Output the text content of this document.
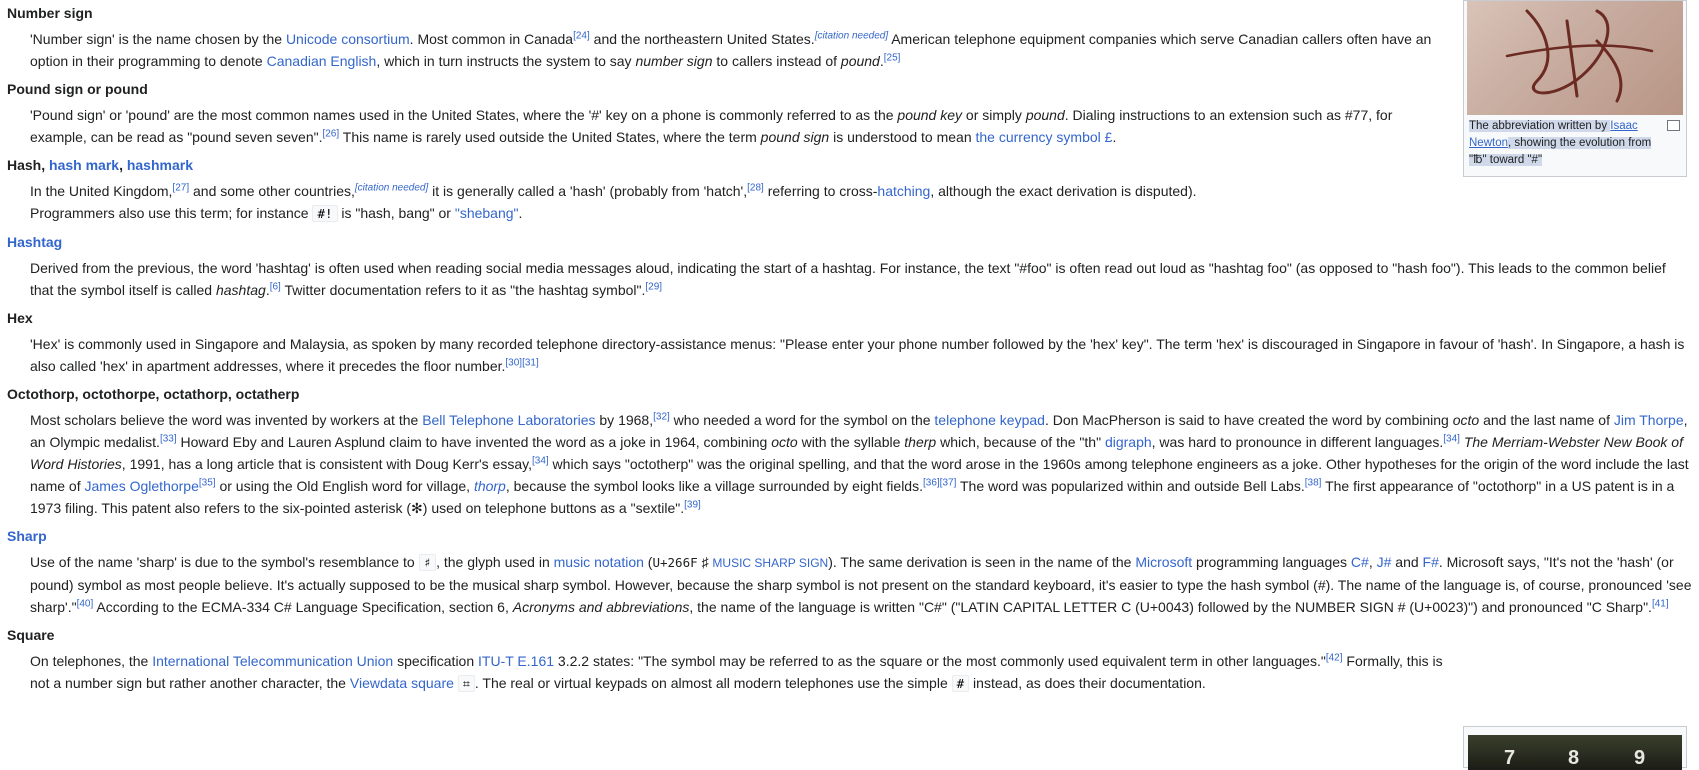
Number sign
'Number sign' is the name chosen by the Unicode consortium. Most common in Canada[24] and the northeastern United States.[citation needed] American telephone equipment companies which serve Canadian callers often have an option in their programming to denote Canadian English, which in turn instructs the system to say number sign to callers instead of pound.[25]
Pound sign or pound
'Pound sign' or 'pound' are the most common names used in the United States, where the '#' key on a phone is commonly referred to as the pound key or simply pound. Dialing instructions to an extension such as #77, for example, can be read as "pound seven seven".[26] This name is rarely used outside the United States, where the term pound sign is understood to mean the currency symbol £.
Hash, hash mark, hashmark
In the United Kingdom,[27] and some other countries,[citation needed] it is generally called a 'hash' (probably from 'hatch',[28] referring to cross-hatching, although the exact derivation is disputed).
Programmers also use this term; for instance #! is "hash, bang" or "shebang".
Hashtag
Derived from the previous, the word 'hashtag' is often used when reading social media messages aloud, indicating the start of a hashtag. For instance, the text "#foo" is often read out loud as "hashtag foo" (as opposed to "hash foo"). This leads to the common belief that the symbol itself is called hashtag.[6] Twitter documentation refers to it as "the hashtag symbol".[29]
Hex
'Hex' is commonly used in Singapore and Malaysia, as spoken by many recorded telephone directory-assistance menus: "Please enter your phone number followed by the 'hex' key". The term 'hex' is discouraged in Singapore in favour of 'hash'. In Singapore, a hash is also called 'hex' in apartment addresses, where it precedes the floor number.[30][31]
Octothorp, octothorpe, octathorp, octatherp
Most scholars believe the word was invented by workers at the Bell Telephone Laboratories by 1968,[32] who needed a word for the symbol on the telephone keypad. Don MacPherson is said to have created the word by combining octo and the last name of Jim Thorpe, an Olympic medalist.[33] Howard Eby and Lauren Asplund claim to have invented the word as a joke in 1964, combining octo with the syllable therp which, because of the "th" digraph, was hard to pronounce in different languages.[34] The Merriam-Webster New Book of Word Histories, 1991, has a long article that is consistent with Doug Kerr's essay,[34] which says "octotherp" was the original spelling, and that the word arose in the 1960s among telephone engineers as a joke. Other hypotheses for the origin of the word include the last name of James Oglethorpe[35] or using the Old English word for village, thorp, because the symbol looks like a village surrounded by eight fields.[36][37] The word was popularized within and outside Bell Labs.[38] The first appearance of "octothorp" in a US patent is in a 1973 filing. This patent also refers to the six-pointed asterisk (✻) used on telephone buttons as a "sextile".[39]
Sharp
Use of the name 'sharp' is due to the symbol's resemblance to ♯ , the glyph used in music notation (U+266F ♯ MUSIC SHARP SIGN). The same derivation is seen in the name of the Microsoft programming languages C#, J# and F#. Microsoft says, "It's not the 'hash' (or pound) symbol as most people believe. It's actually supposed to be the musical sharp symbol. However, because the sharp symbol is not present on the standard keyboard, it's easier to type the hash symbol (#). The name of the language is, of course, pronounced 'see sharp'."[40] According to the ECMA-334 C# Language Specification, section 6, Acronyms and abbreviations, the name of the language is written "C#" ("LATIN CAPITAL LETTER C (U+0043) followed by the NUMBER SIGN # (U+0023)") and pronounced "C Sharp".[41]
Square
On telephones, the International Telecommunication Union specification ITU-T E.161 3.2.2 states: "The symbol may be referred to as the square or the most commonly used equivalent term in other languages."[42] Formally, this is not a number sign but rather another character, the Viewdata square ⌗ . The real or virtual keypads on almost all modern telephones use the simple # instead, as does their documentation.
The abbreviation written by Isaac Newton, showing the evolution from "℔" toward "#"
7	8	9
